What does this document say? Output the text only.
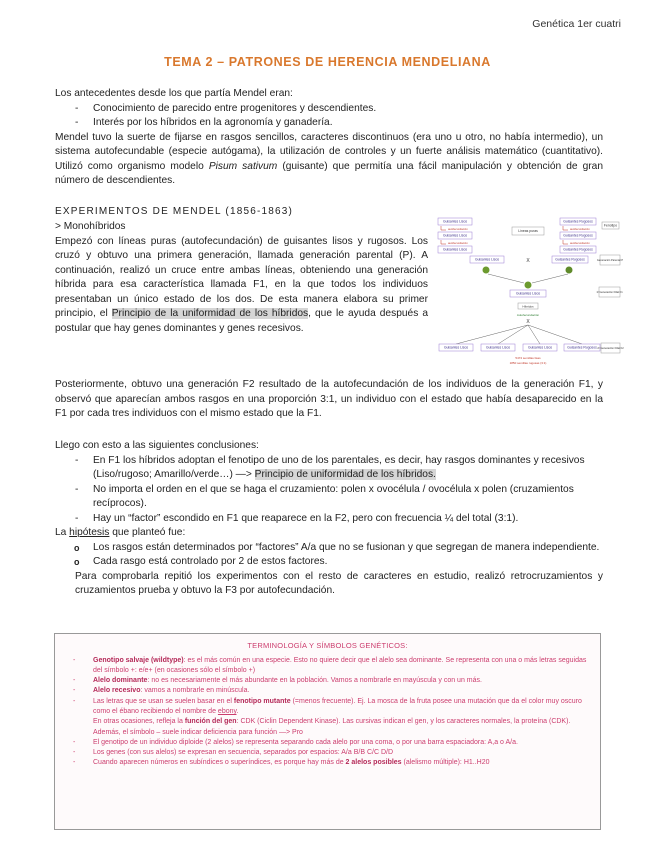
Genética 1er cuatri
TEMA 2 – PATRONES DE HERENCIA MENDELIANA
Los antecedentes desde los que partía Mendel eran:
- Conocimiento de parecido entre progenitores y descendientes.
- Interés por los híbridos en la agronomía y ganadería.
Mendel tuvo la suerte de fijarse en rasgos sencillos, caracteres discontinuos (era uno u otro, no había intermedio), un sistema autofecundable (especie autógama), la utilización de controles y un fuerte análisis matemático (cuantitativo). Utilizó como organismo modelo Pisum sativum (guisante) que permitía una fácil manipulación y obtención de gran número de descendientes.
EXPERIMENTOS DE MENDEL (1856-1863)
> Monohíbridos
Empezó con líneas puras (autofecundación) de guisantes lisos y rugosos. Los cruzó y obtuvo una primera generación, llamada generación parental (P). A continuación, realizó un cruce entre ambas líneas, obteniendo una generación híbrida para esa característica llamada F1, en la que todos los individuos presentaban un único estado de los dos. De esta manera elabora su primer principio, el Principio de la uniformidad de los híbridos, que le ayuda después a postular que hay genes dominantes y genes recesivos.
Guisantes Lisos
autofecundación
Guisantes Lisos
autofecundación
Guisantes Lisos
Líneas puras
Guisantes Rugosos
autofecundación
Guisantes Rugosos
autofecundación
Guisantes Rugosos
Fenotipo
Generación Parental P
Guisantes Lisos	X	Guisantes Rugosos
Guisantes Lisos	1ª Generación Filial F1
Híbridos
Autofecundación
X
Guisantes Lisos	Guisantes Lisos	Guisantes Lisos	Guisantes Rugosos 2ª Generación Filial F2
5474 semillas lisas
1850 semillas rugosas (3:1)
Posteriormente, obtuvo una generación F2 resultado de la autofecundación de los individuos de la generación F1, y observó que aparecían ambos rasgos en una proporción 3:1, un individuo con el estado que había desaparecido en la F1 por cada tres individuos con el mismo estado que la F1.
Llego con esto a las siguientes conclusiones:
- En F1 los híbridos adoptan el fenotipo de uno de los parentales, es decir, hay rasgos dominantes y recesivos (Liso/rugoso; Amarillo/verde…) —> Principio de uniformidad de los híbridos.
- No importa el orden en el que se haga el cruzamiento: polen x ovocélula / ovocélula x polen (cruzamientos recíprocos).
- Hay un “factor” escondido en F1 que reaparece en la F2, pero con frecuencia ¼ del total (3:1).
La hipótesis que planteó fue:
o Los rasgos están determinados por “factores” A/a que no se fusionan y que segregan de manera independiente.
o Cada rasgo está controlado por 2 de estos factores.
Para comprobarla repitió los experimentos con el resto de caracteres en estudio, realizó retrocruzamientos y cruzamientos prueba y obtuvo la F3 por autofecundación.
TERMINOLOGÍA Y SÍMBOLOS GENÉTICOS:
- Genotipo salvaje (wildtype): es el más común en una especie. Esto no quiere decir que el alelo sea dominante. Se representa con una o más letras seguidas del símbolo +: e/e+ (en ocasiones sólo el símbolo +)
- Alelo dominante: no es necesariamente el más abundante en la población. Vamos a nombrarle en mayúscula y con un más.
- Alelo recesivo: vamos a nombrarle en minúscula.
- Las letras que se usan se suelen basar en el fenotipo mutante (=menos frecuente). Ej. La mosca de la fruta posee una mutación que da el color muy oscuro como el ébano recibiendo el nombre de ebony.
En otras ocasiones, refleja la función del gen: CDK (Ciclin Dependent Kinase). Las cursivas indican el gen, y los caracteres normales, la proteína (CDK). Además, el símbolo – suele indicar deficiencia para función —> Pro
- El genotipo de un individuo diploide (2 alelos) se representa separando cada alelo por una coma, o por una barra espaciadora: A,a o A/a.
- Los genes (con sus alelos) se expresan en secuencia, separados por espacios: A/a B/B C/C D/D
- Cuando aparecen números en subíndices o superíndices, es porque hay más de 2 alelos posibles (alelismo múltiple): H1..H20
